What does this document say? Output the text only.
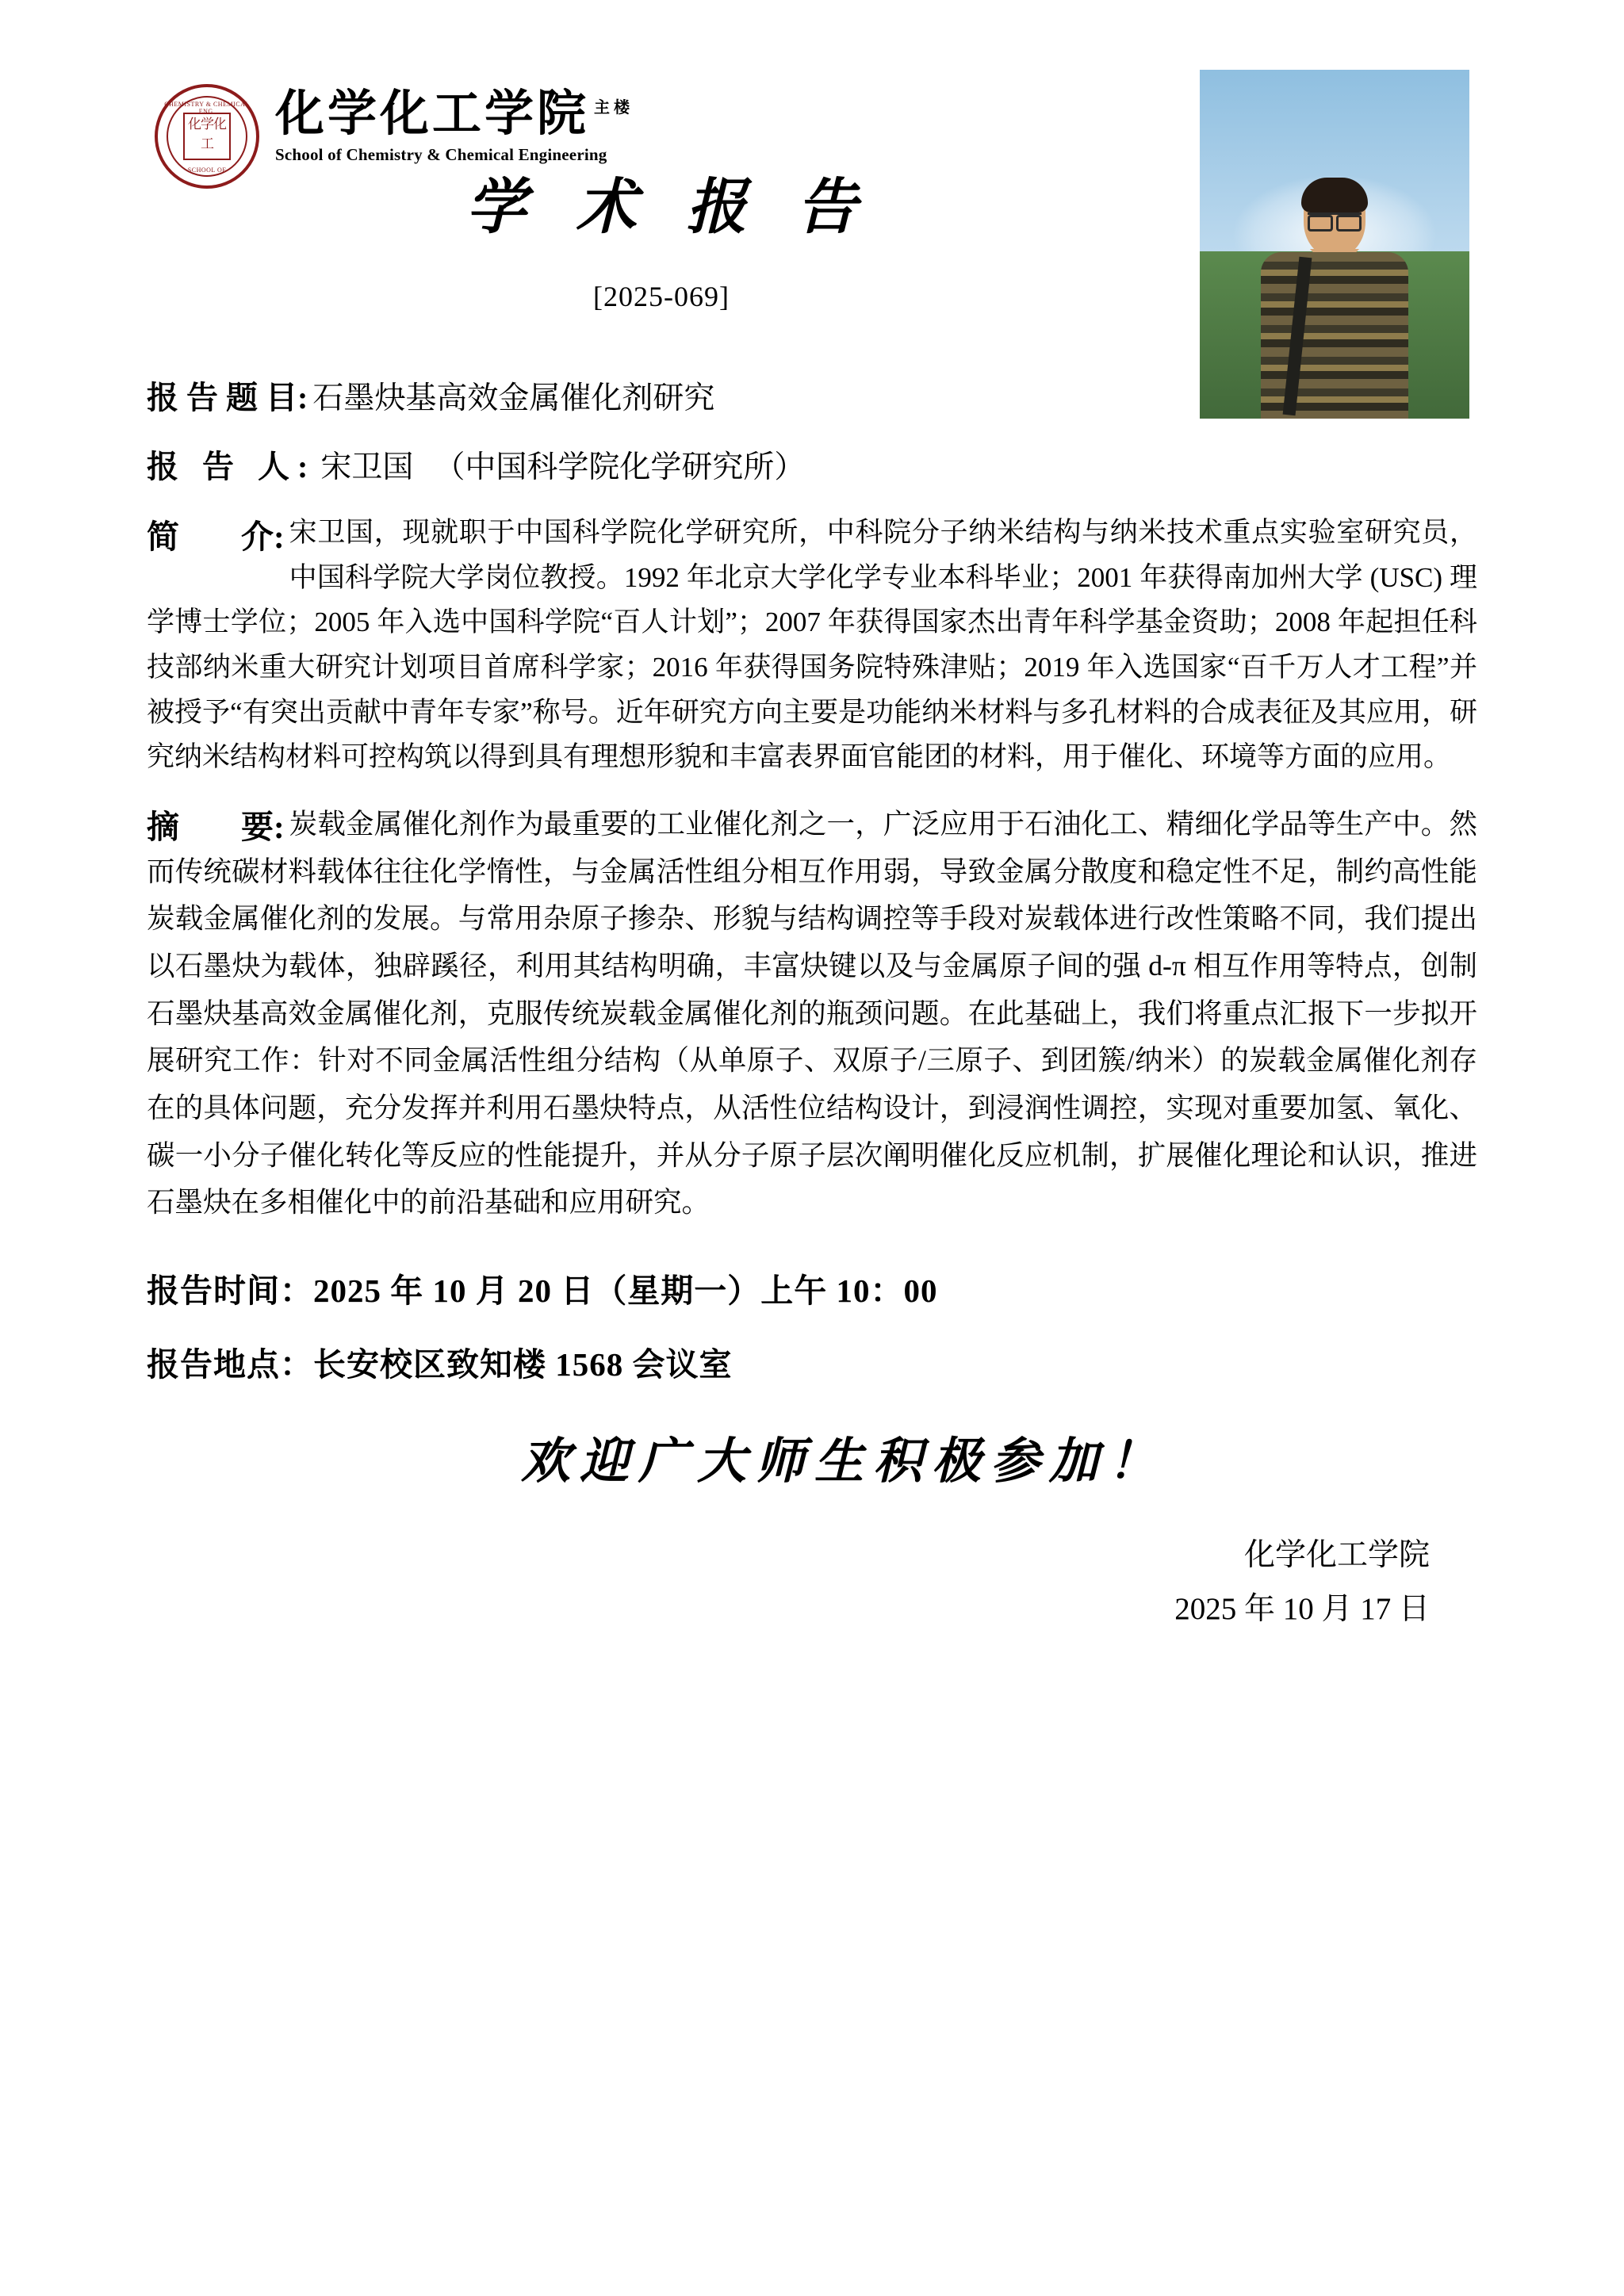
CHEMISTRY & CHEMICAL ENG.
化学化工
SCHOOL OF
化学化工学院 $^{主 楼}$
School of Chemistry & Chemical Engineering
学 术 报 告
[2025-069]
报 告 题 目: 石墨炔基高效金属催化剂研究
报 告 人: 宋卫国 （中国科学院化学研究所）
简 介: 宋卫国，现就职于中国科学院化学研究所，中科院分子纳米结构与纳米技术重点实验室研究员，中国科学院大学岗位教授。1992 年北京大学化学专业本科毕业；2001 年获得南加州大学 (USC) 理学博士学位；2005 年入选中国科学院“百人计划”；2007 年获得国家杰出青年科学基金资助；2008 年起担任科技部纳米重大研究计划项目首席科学家；2016 年获得国务院特殊津贴；2019 年入选国家“百千万人才工程”并被授予“有突出贡献中青年专家”称号。近年研究方向主要是功能纳米材料与多孔材料的合成表征及其应用，研究纳米结构材料可控构筑以得到具有理想形貌和丰富表界面官能团的材料，用于催化、环境等方面的应用。
摘 要: 炭载金属催化剂作为最重要的工业催化剂之一，广泛应用于石油化工、精细化学品等生产中。然而传统碳材料载体往往化学惰性，与金属活性组分相互作用弱，导致金属分散度和稳定性不足，制约高性能炭载金属催化剂的发展。与常用杂原子掺杂、形貌与结构调控等手段对炭载体进行改性策略不同，我们提出以石墨炔为载体，独辟蹊径，利用其结构明确，丰富炔键以及与金属原子间的强 d-π 相互作用等特点，创制石墨炔基高效金属催化剂，克服传统炭载金属催化剂的瓶颈问题。在此基础上，我们将重点汇报下一步拟开展研究工作：针对不同金属活性组分结构（从单原子、双原子/三原子、到团簇/纳米）的炭载金属催化剂存在的具体问题，充分发挥并利用石墨炔特点，从活性位结构设计，到浸润性调控，实现对重要加氢、氧化、碳一小分子催化转化等反应的性能提升，并从分子原子层次阐明催化反应机制，扩展催化理论和认识，推进石墨炔在多相催化中的前沿基础和应用研究。
报告时间：2025 年 10 月 20 日（星期一）上午 10：00
报告地点：长安校区致知楼 1568 会议室
欢迎广大师生积极参加！
化学化工学院
2025 年 10 月 17 日
